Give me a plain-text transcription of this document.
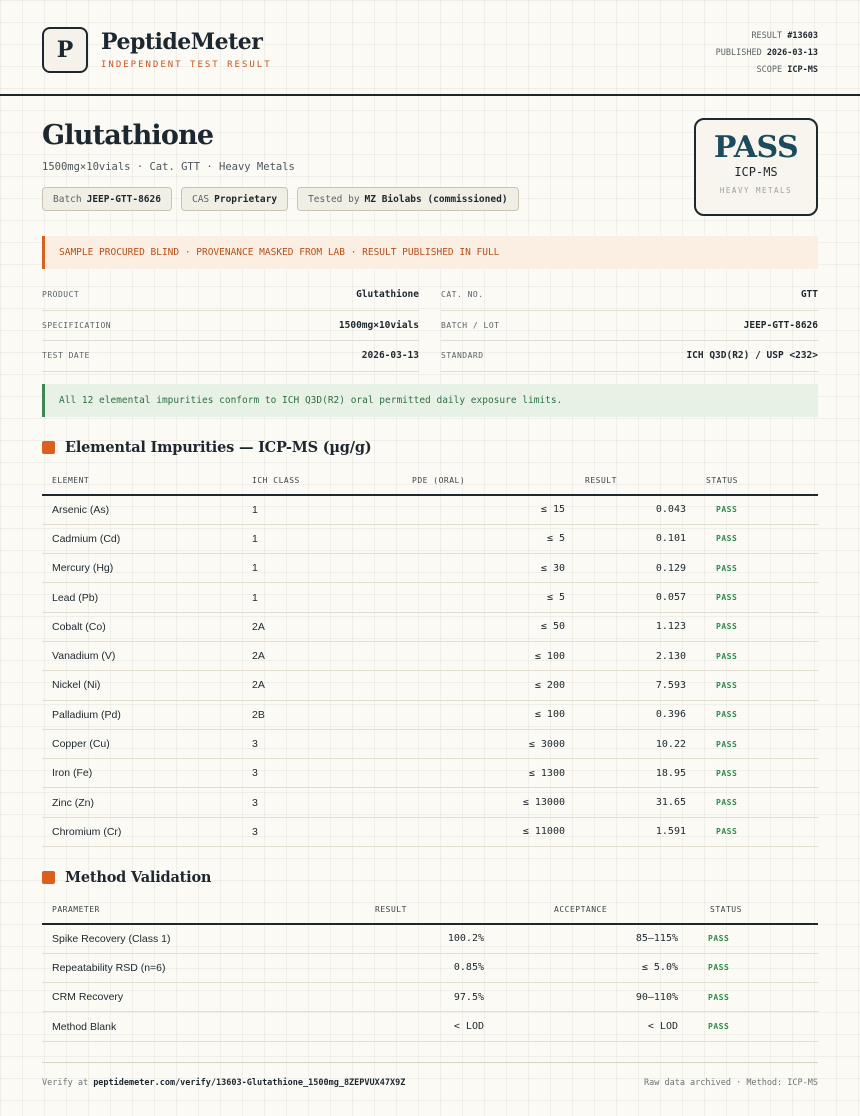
P	PeptideMeter
INDEPENDENT TEST RESULT
RESULT #13603
PUBLISHED 2026-03-13
SCOPE ICP-MS
Glutathione
1500mg×10vials · Cat. GTT · Heavy Metals
Batch JEEP-GTT-8626	CAS Proprietary	Tested by MZ Biolabs (commissioned)
PASS
ICP-MS
HEAVY METALS
SAMPLE PROCURED BLIND · PROVENANCE MASKED FROM LAB · RESULT PUBLISHED IN FULL
PRODUCT	Glutathione	CAT. NO.	GTT
SPECIFICATION	1500mg×10vials	BATCH / LOT	JEEP-GTT-8626
TEST DATE	2026-03-13	STANDARD	ICH Q3D(R2) / USP <232>
All 12 elemental impurities conform to ICH Q3D(R2) oral permitted daily exposure limits.
Elemental Impurities — ICP-MS (µg/g)
ELEMENT	ICH CLASS	PDE (ORAL)	RESULT	STATUS
Arsenic (As)	1	≤ 15	0.043	PASS
Cadmium (Cd)	1	≤ 5	0.101	PASS
Mercury (Hg)	1	≤ 30	0.129	PASS
Lead (Pb)	1	≤ 5	0.057	PASS
Cobalt (Co)	2A	≤ 50	1.123	PASS
Vanadium (V)	2A	≤ 100	2.130	PASS
Nickel (Ni)	2A	≤ 200	7.593	PASS
Palladium (Pd)	2B	≤ 100	0.396	PASS
Copper (Cu)	3	≤ 3000	10.22	PASS
Iron (Fe)	3	≤ 1300	18.95	PASS
Zinc (Zn)	3	≤ 13000	31.65	PASS
Chromium (Cr)	3	≤ 11000	1.591	PASS
Method Validation
PARAMETER	RESULT	ACCEPTANCE	STATUS
Spike Recovery (Class 1)	100.2%	85–115%	PASS
Repeatability RSD (n=6)	0.85%	≤ 5.0%	PASS
CRM Recovery	97.5%	90–110%	PASS
Method Blank	< LOD	< LOD	PASS
Verify at peptidemeter.com/verify/13603-Glutathione_1500mg_8ZEPVUX47X9Z	Raw data archived · Method: ICP-MS
